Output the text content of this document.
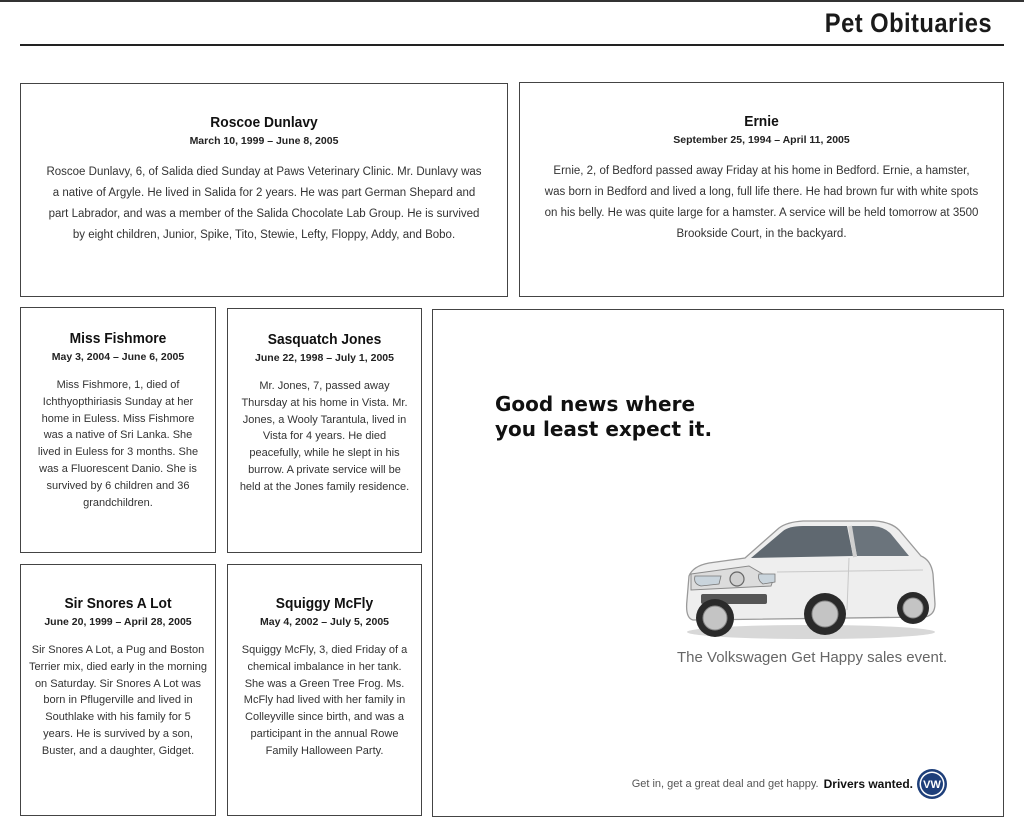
Pet Obituaries
Roscoe Dunlavy
March 10, 1999 – June 8, 2005

Roscoe Dunlavy, 6, of Salida died Sunday at Paws Veterinary Clinic. Mr. Dunlavy was a native of Argyle. He lived in Salida for 2 years. He was part German Shepard and part Labrador, and was a member of the Salida Chocolate Lab Group. He is survived by eight children, Junior, Spike, Tito, Stewie, Lefty, Floppy, Addy, and Bobo.

Ernie
September 25, 1994 – April 11, 2005

Ernie, 2, of Bedford passed away Friday at his home in Bedford. Ernie, a hamster, was born in Bedford and lived a long, full life there. He had brown fur with white spots on his belly. He was quite large for a hamster. A service will be held tomorrow at 3500 Brookside Court, in the backyard.

Miss Fishmore
May 3, 2004 – June 6, 2005

Miss Fishmore, 1, died of Ichthyopthiriasis Sunday at her home in Euless. Miss Fishmore was a native of Sri Lanka. She lived in Euless for 3 months. She was a Fluorescent Danio. She is survived by 6 children and 36 grandchildren.

Sasquatch Jones
June 22, 1998 – July 1, 2005

Mr. Jones, 7, passed away Thursday at his home in Vista. Mr. Jones, a Wooly Tarantula, lived in Vista for 4 years. He died peacefully, while he slept in his burrow. A private service will be held at the Jones family residence.

Sir Snores A Lot
June 20, 1999 – April 28, 2005

Sir Snores A Lot, a Pug and Boston Terrier mix, died early in the morning on Saturday. Sir Snores A Lot was born in Pflugerville and lived in Southlake with his family for 5 years. He is survived by a son, Buster, and a daughter, Gidget.

Squiggy McFly
May 4, 2002 – July 5, 2005

Squiggy McFly, 3, died Friday of a chemical imbalance in her tank. She was a Green Tree Frog. Ms. McFly had lived with her family in Colleyville since birth, and was a participant in the annual Rowe Family Halloween Party.

Good news where
you least expect it.
The Volkswagen Get Happy sales event.
Get in, get a great deal and get happy. Drivers wanted. VW
